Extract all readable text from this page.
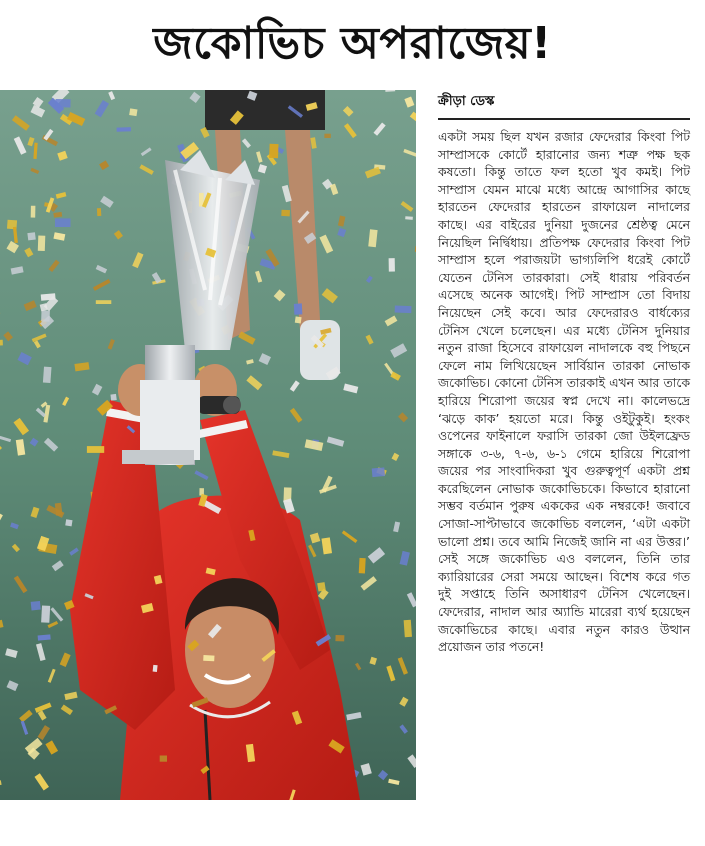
জকোভিচ অপরাজেয়!
ক্রীড়া ডেস্ক

একটা সময় ছিল যখন রজার ফেদেরার কিংবা পিট সাম্প্রাসকে কোর্টে হারানোর জন্য শত্রু পক্ষ ছক কষতো। কিন্তু তাতে ফল হতো খুব কমই। পিট সাম্প্রাস যেমন মাঝে মধ্যে আন্দ্রে আগাসির কাছে হারতেন ফেদেরার হারতেন রাফায়েল নাদালের কাছে। এর বাইরের দুনিয়া দুজনের শ্রেষ্ঠত্ব মেনে নিয়েছিল নির্দ্বিধায়। প্রতিপক্ষ ফেদেরার কিংবা পিট সাম্প্রাস হলে পরাজয়টা ভাগ্যলিপি ধরেই কোর্টে যেতেন টেনিস তারকারা। সেই ধারায় পরিবর্তন এসেছে অনেক আগেই। পিট সাম্প্রাস তো বিদায় নিয়েছেন সেই কবে। আর ফেদেরারও বার্ধক্যের টেনিস খেলে চলেছেন। এর মধ্যে টেনিস দুনিয়ার নতুন রাজা হিসেবে রাফায়েল নাদালকে বহু পিছনে ফেলে নাম লিখিয়েছেন সার্বিয়ান তারকা নোভাক জকোভিচ। কোনো টেনিস তারকাই এখন আর তাকে হারিয়ে শিরোপা জয়ের স্বপ্ন দেখে না। কালেভদ্রে ‘ঝড়ে কাক’ হয়তো মরে। কিন্তু ওইটুকুই। হংকং ওপেনের ফাইনালে ফরাসি তারকা জো উইলফ্রেড সঙ্গাকে ৩-৬, ৭-৬, ৬-১ গেমে হারিয়ে শিরোপা জয়ের পর সাংবাদিকরা খুব গুরুত্বপূর্ণ একটা প্রশ্ন করেছিলেন নোভাক জকোভিচকে। কিভাবে হারানো সম্ভব বর্তমান পুরুষ এককের এক নম্বরকে! জবাবে সোজা-সাপ্টাভাবে জকোভিচ বললেন, ‘এটা একটা ভালো প্রশ্ন। তবে আমি নিজেই জানি না এর উত্তর।’ সেই সঙ্গে জকোভিচ এও বললেন, তিনি তার ক্যারিয়ারের সেরা সময়ে আছেন। বিশেষ করে গত দুই সপ্তাহে তিনি অসাধারণ টেনিস খেলেছেন। ফেদেরার, নাদাল আর অ্যান্ডি মারেরা ব্যর্থ হয়েছেন জকোভিচের কাছে। এবার নতুন কারও উত্থান প্রয়োজন তার পতনে!
